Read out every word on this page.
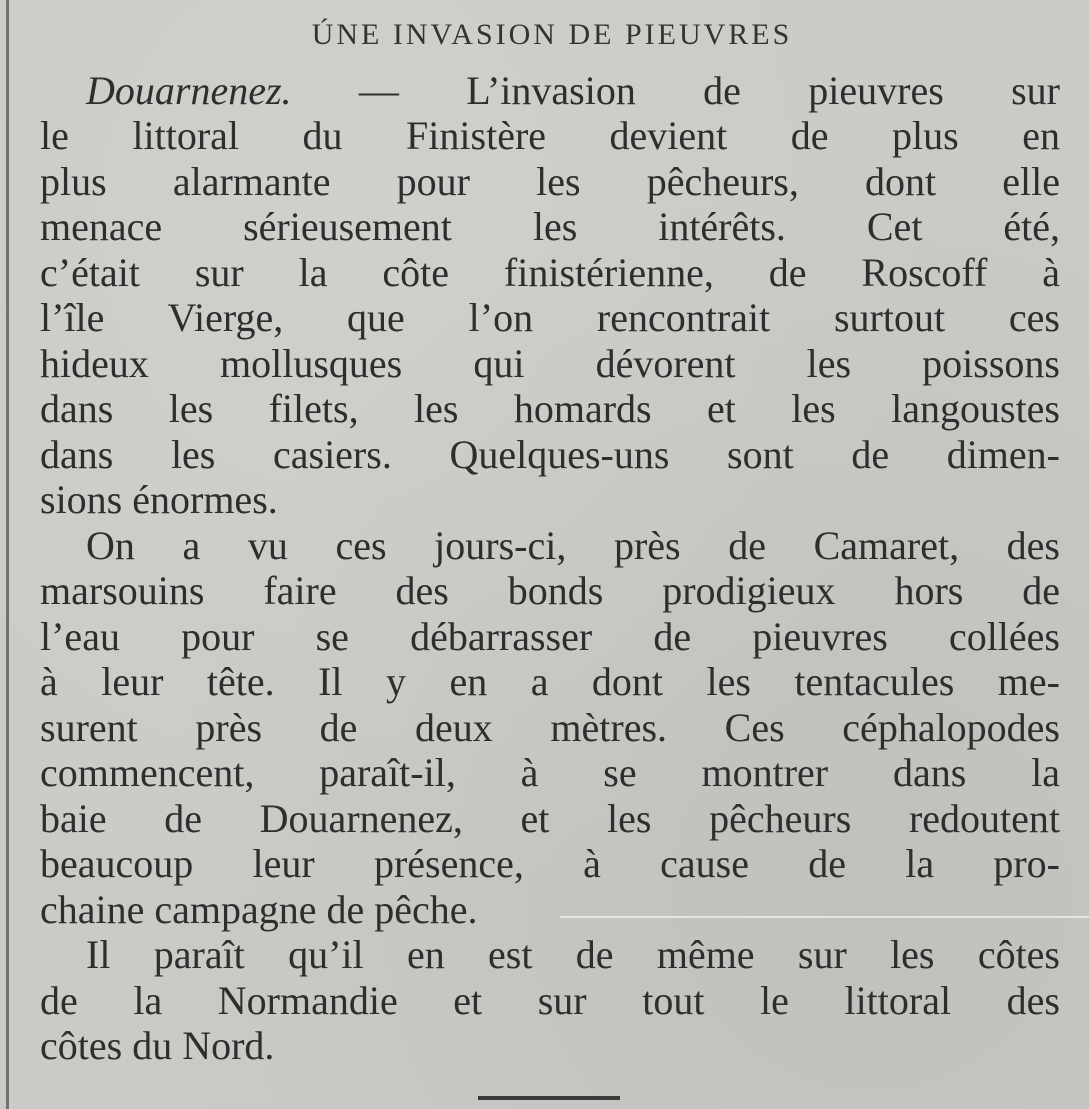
ÚNE INVASION DE PIEUVRES
Douarnenez. — L’invasion de pieuvres sur
le littoral du Finistère devient de plus en
plus alarmante pour les pêcheurs, dont elle
menace sérieusement les intérêts. Cet été,
c’était sur la côte finistérienne, de Roscoff à
l’île Vierge, que l’on rencontrait surtout ces
hideux mollusques qui dévorent les poissons
dans les filets, les homards et les langoustes
dans les casiers. Quelques-uns sont de dimen-
sions énormes.
On a vu ces jours-ci, près de Camaret, des
marsouins faire des bonds prodigieux hors de
l’eau pour se débarrasser de pieuvres collées
à leur tête. Il y en a dont les tentacules me-
surent près de deux mètres. Ces céphalopodes
commencent, paraît-il, à se montrer dans la
baie de Douarnenez, et les pêcheurs redoutent
beaucoup leur présence, à cause de la pro-
chaine campagne de pêche.
Il paraît qu’il en est de même sur les côtes
de la Normandie et sur tout le littoral des
côtes du Nord.
